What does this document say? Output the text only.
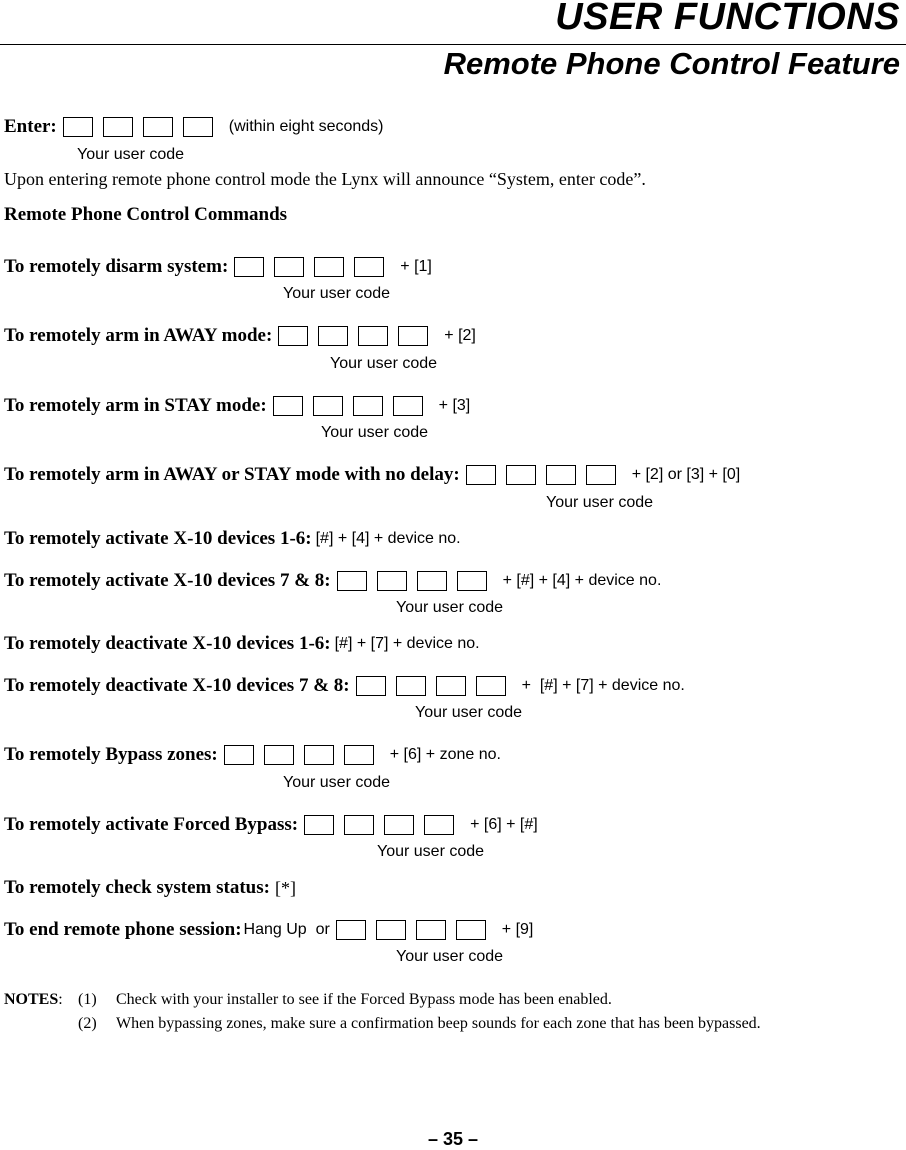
USER FUNCTIONS
Remote Phone Control Feature
Enter:	(within eight seconds)
Your user code
Upon entering remote phone control mode the Lynx will announce “System, enter code”.
Remote Phone Control Commands
To remotely disarm system:	+ [1]
Your user code
To remotely arm in AWAY mode:	+ [2]
Your user code
To remotely arm in STAY mode:	+ [3]
Your user code
To remotely arm in AWAY or STAY mode with no delay:	+ [2] or [3] + [0]
Your user code
To remotely activate X-10 devices 1-6: [#] + [4] + device no.
To remotely activate X-10 devices 7 & 8:	+ [#] + [4] + device no.
Your user code
To remotely deactivate X-10 devices 1-6: [#] + [7] + device no.
To remotely deactivate X-10 devices 7 & 8:	+  [#] + [7] + device no.
Your user code
To remotely Bypass zones:	+ [6] + zone no.
Your user code
To remotely activate Forced Bypass:	+ [6] + [#]
Your user code
To remotely check system status: [*]
To end remote phone session: Hang Up  or	+ [9]
Your user code
NOTES: (1) Check with your installer to see if the Forced Bypass mode has been enabled.
(2) When bypassing zones, make sure a confirmation beep sounds for each zone that has been bypassed.
– 35 –
